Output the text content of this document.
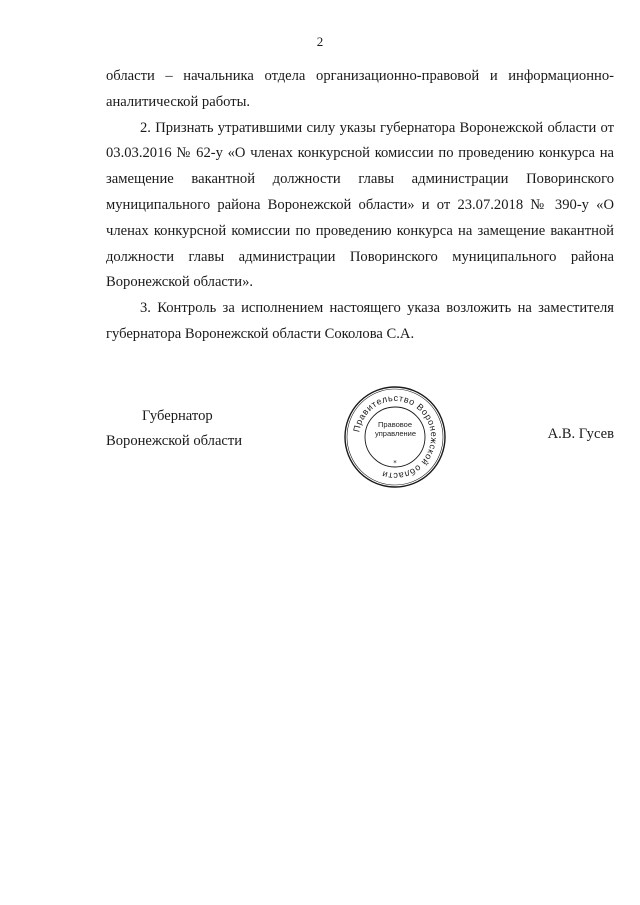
2

области – начальника отдела организационно-правовой и информационно-аналитической работы.

2. Признать утратившими силу указы губернатора Воронежской области от 03.03.2016 № 62-у «О членах конкурсной комиссии по проведению конкурса на замещение вакантной должности главы администрации Поворинского муниципального района Воронежской области» и от 23.07.2018 № 390-у «О членах конкурсной комиссии по проведению конкурса на замещение вакантной должности главы администрации Поворинского муниципального района Воронежской области».

3. Контроль за исполнением настоящего указа возложить на заместителя губернатора Воронежской области Соколова С.А.

Губернатор
Воронежской области
Правительство Воронежской области
Правовое
управление
*
А.В. Гусев
